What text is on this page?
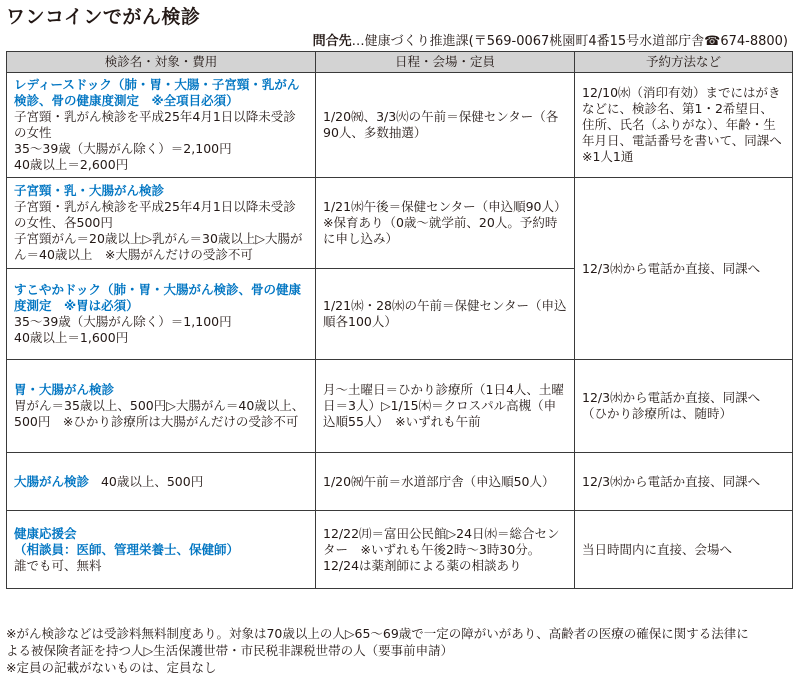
ワンコインでがん検診
問合先…健康づくり推進課(〒569-0067桃園町4番15号水道部庁舎☎674-8800)
検診名・対象・費用	日程・会場・定員	予約方法など

レディースドック（肺・胃・大腸・子宮頸・乳がん検診、骨の健康度測定　※全項目必須）
子宮頸・乳がん検診を平成25年4月1日以降未受診の女性
35〜39歳（大腸がん除く）＝2,100円
40歳以上＝2,600円	1/20㈷、3/3㈫の午前＝保健センター（各90人、多数抽選）	12/10㈬（消印有効）までにはがきなどに、検診名、第1・2希望日、住所、氏名（ふりがな）、年齢・生年月日、電話番号を書いて、同課へ　※1人1通

子宮頸・乳・大腸がん検診
子宮頸・乳がん検診を平成25年4月1日以降未受診の女性、各500円
子宮頸がん＝20歳以上▷乳がん＝30歳以上▷大腸がん＝40歳以上　※大腸がんだけの受診不可	1/21㈬午後＝保健センター（申込順90人）
※保育あり（0歳〜就学前、20人。予約時に申し込み）	12/3㈬から電話か直接、同課へ

すこやかドック（肺・胃・大腸がん検診、骨の健康度測定　※胃は必須）
35〜39歳（大腸がん除く）＝1,100円
40歳以上＝1,600円	1/21㈬・28㈬の午前＝保健センター（申込順各100人）	

胃・大腸がん検診
胃がん＝35歳以上、500円▷大腸がん＝40歳以上、500円　※ひかり診療所は大腸がんだけの受診不可	月〜土曜日＝ひかり診療所（1日4人、土曜日＝3人）▷1/15㈭＝クロスパル高槻（申込順55人）　※いずれも午前	12/3㈬から電話か直接、同課へ（ひかり診療所は、随時）

大腸がん検診 40歳以上、500円	1/20㈷午前＝水道部庁舎（申込順50人）	12/3㈬から電話か直接、同課へ

健康応援会
（相談員：医師、管理栄養士、保健師）
誰でも可、無料	12/22㈪＝富田公民館▷24日㈬＝総合センター　※いずれも午後2時〜3時30分。12/24は薬剤師による薬の相談あり	当日時間内に直接、会場へ
※がん検診などは受診料無料制度あり。対象は70歳以上の人▷65～69歳で一定の障がいがあり、高齢者の医療の確保に関する法律に
よる被保険者証を持つ人▷生活保護世帯・市民税非課税世帯の人（要事前申請）
※定員の記載がないものは、定員なし
